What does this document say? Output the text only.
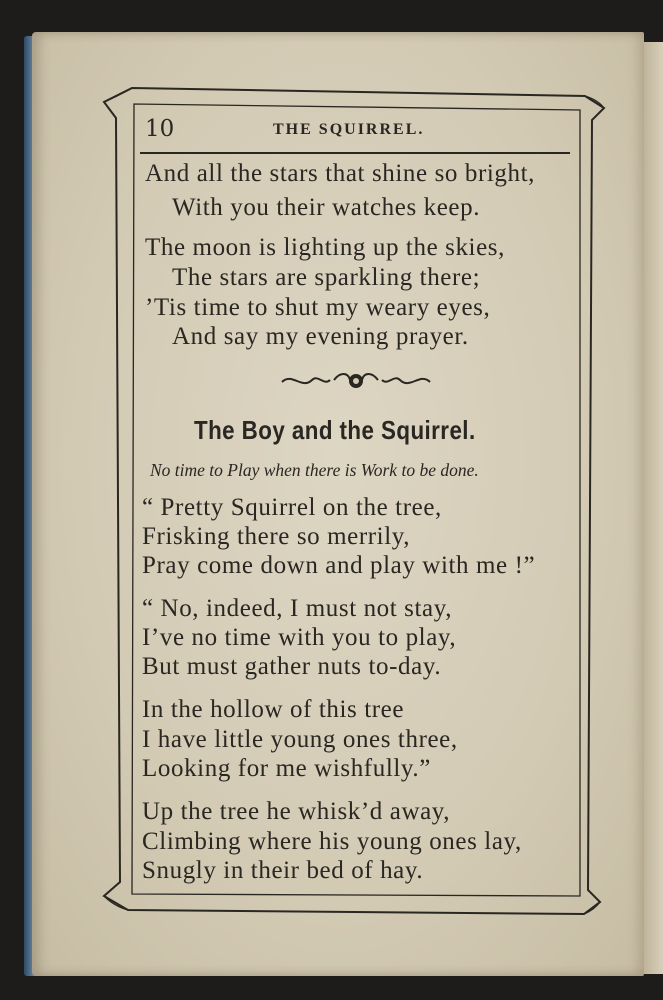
10	THE SQUIRREL.
And all the stars that shine so bright,
With you their watches keep.
The moon is lighting up the skies,
The stars are sparkling there;
’Tis time to shut my weary eyes,
And say my evening prayer.
The Boy and the Squirrel.
No time to Play when there is Work to be done.
“ Pretty Squirrel on the tree,
Frisking there so merrily,
Pray come down and play with me !”
“ No, indeed, I must not stay,
I’ve no time with you to play,
But must gather nuts to-day.
In the hollow of this tree
I have little young ones three,
Looking for me wishfully.”
Up the tree he whisk’d away,
Climbing where his young ones lay,
Snugly in their bed of hay.
